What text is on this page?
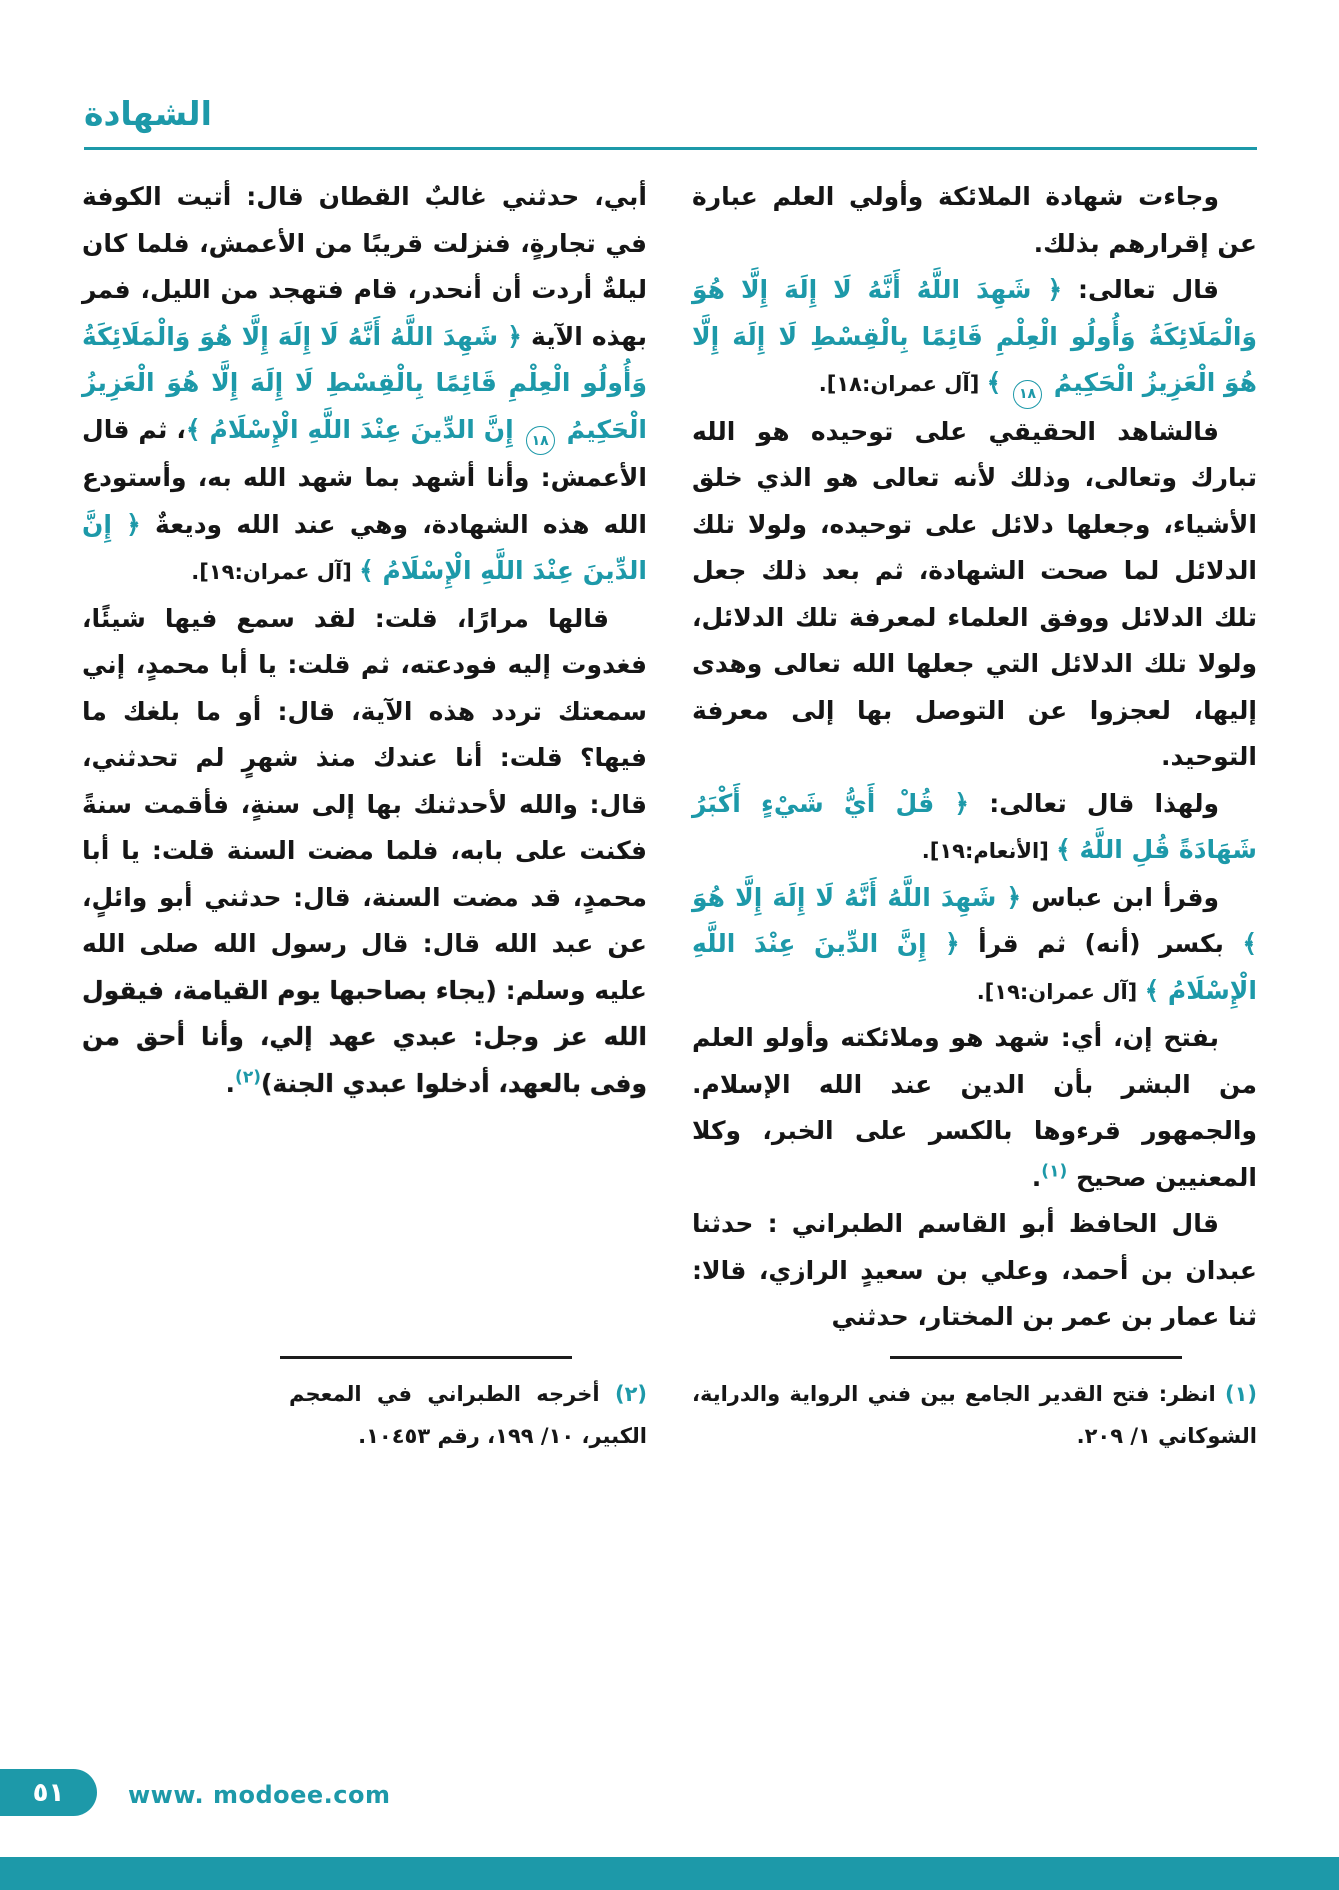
الشهادة

وجاءت شهادة الملائكة وأولي العلم عبارة عن إقرارهم بذلك.

قال تعالى: ﴿ شَهِدَ اللَّهُ أَنَّهُ لَا إِلَهَ إِلَّا هُوَ وَالْمَلَائِكَةُ وَأُولُو الْعِلْمِ قَائِمًا بِالْقِسْطِ لَا إِلَهَ إِلَّا هُوَ الْعَزِيزُ الْحَكِيمُ ١٨ ﴾ [آل عمران:١٨].

فالشاهد الحقيقي على توحيده هو الله تبارك وتعالى، وذلك لأنه تعالى هو الذي خلق الأشياء، وجعلها دلائل على توحيده، ولولا تلك الدلائل لما صحت الشهادة، ثم بعد ذلك جعل تلك الدلائل ووفق العلماء لمعرفة تلك الدلائل، ولولا تلك الدلائل التي جعلها الله تعالى وهدى إليها، لعجزوا عن التوصل بها إلى معرفة التوحيد.

ولهذا قال تعالى: ﴿ قُلْ أَيُّ شَيْءٍ أَكْبَرُ شَهَادَةً قُلِ اللَّهُ ﴾ [الأنعام:١٩].

وقرأ ابن عباس ﴿ شَهِدَ اللَّهُ أَنَّهُ لَا إِلَهَ إِلَّا هُوَ ﴾ بكسر (أنه) ثم قرأ ﴿ إِنَّ الدِّينَ عِنْدَ اللَّهِ الْإِسْلَامُ ﴾ [آل عمران:١٩].

بفتح إن، أي: شهد هو وملائكته وأولو العلم من البشر بأن الدين عند الله الإسلام. والجمهور قرءوها بالكسر على الخبر، وكلا المعنيين صحيح $^{(١)}$.

قال الحافظ أبو القاسم الطبراني : حدثنا عبدان بن أحمد، وعلي بن سعيدٍ الرازي، قالا: ثنا عمار بن عمر بن المختار، حدثني

أبي، حدثني غالبٌ القطان قال: أتيت الكوفة في تجارةٍ، فنزلت قريبًا من الأعمش، فلما كان ليلةٌ أردت أن أنحدر، قام فتهجد من الليل، فمر بهذه الآية ﴿ شَهِدَ اللَّهُ أَنَّهُ لَا إِلَهَ إِلَّا هُوَ وَالْمَلَائِكَةُ وَأُولُو الْعِلْمِ قَائِمًا بِالْقِسْطِ لَا إِلَهَ إِلَّا هُوَ الْعَزِيزُ الْحَكِيمُ ١٨ إِنَّ الدِّينَ عِنْدَ اللَّهِ الْإِسْلَامُ ﴾، ثم قال الأعمش: وأنا أشهد بما شهد الله به، وأستودع الله هذه الشهادة، وهي عند الله وديعةٌ ﴿ إِنَّ الدِّينَ عِنْدَ اللَّهِ الْإِسْلَامُ ﴾ [آل عمران:١٩].

قالها مرارًا، قلت: لقد سمع فيها شيئًا، فغدوت إليه فودعته، ثم قلت: يا أبا محمدٍ، إني سمعتك تردد هذه الآية، قال: أو ما بلغك ما فيها؟ قلت: أنا عندك منذ شهرٍ لم تحدثني، قال: والله لأحدثنك بها إلى سنةٍ، فأقمت سنةً فكنت على بابه، فلما مضت السنة قلت: يا أبا محمدٍ، قد مضت السنة، قال: حدثني أبو وائلٍ، عن عبد الله قال: قال رسول الله صلى الله عليه وسلم: (يجاء بصاحبها يوم القيامة، فيقول الله عز وجل: عبدي عهد إلي، وأنا أحق من وفى بالعهد، أدخلوا عبدي الجنة)$^{(٢)}$.

(١) انظر: فتح القدير الجامع بين فني الرواية والدراية، الشوكاني ١/ ٢٠٩.

(٢) أخرجه الطبراني في المعجم الكبير، ١٠/ ١٩٩، رقم ١٠٤٥٣.

٥١	www. modoee.com
